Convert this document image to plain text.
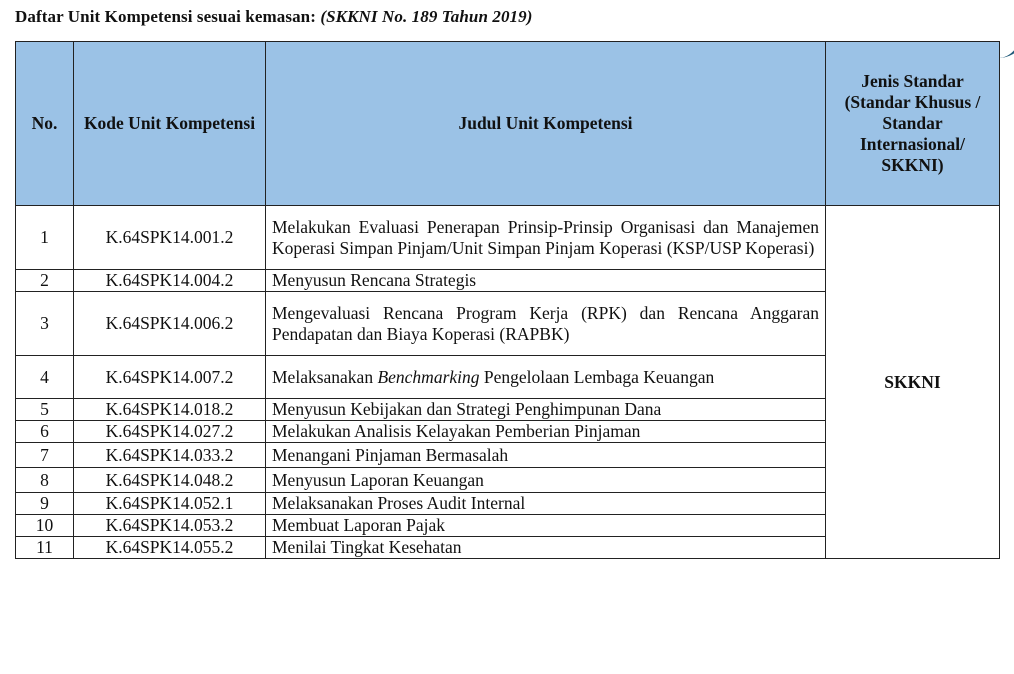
Daftar Unit Kompetensi sesuai kemasan: (SKKNI No. 189 Tahun 2019)
No.	Kode Unit Kompetensi	Judul Unit Kompetensi	Jenis Standar (Standar Khusus / Standar Internasional/ SKKNI)
1	K.64SPK14.001.2	Melakukan Evaluasi Penerapan Prinsip-Prinsip Organisasi dan Manajemen Koperasi Simpan Pinjam/Unit Simpan Pinjam Koperasi (KSP/USP Koperasi)	SKKNI
2	K.64SPK14.004.2	Menyusun Rencana Strategis	
3	K.64SPK14.006.2	Mengevaluasi Rencana Program Kerja (RPK) dan Rencana Anggaran Pendapatan dan Biaya Koperasi (RAPBK)	
4	K.64SPK14.007.2	Melaksanakan Benchmarking Pengelolaan Lembaga Keuangan	
5	K.64SPK14.018.2	Menyusun Kebijakan dan Strategi Penghimpunan Dana	
6	K.64SPK14.027.2	Melakukan Analisis Kelayakan Pemberian Pinjaman	
7	K.64SPK14.033.2	Menangani Pinjaman Bermasalah	
8	K.64SPK14.048.2	Menyusun Laporan Keuangan	
9	K.64SPK14.052.1	Melaksanakan Proses Audit Internal	
10	K.64SPK14.053.2	Membuat Laporan Pajak	
11	K.64SPK14.055.2	Menilai Tingkat Kesehatan	
